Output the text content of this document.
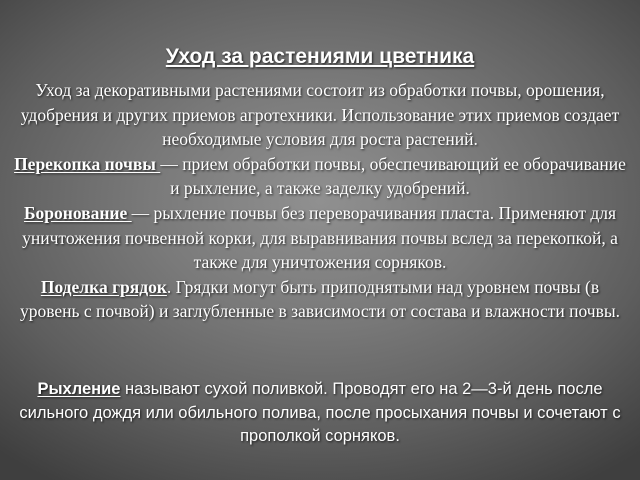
Уход за растениями цветника

Уход за декоративными растениями состоит из обработки почвы, орошения, удобрения и других приемов агротехники. Использование этих приемов создает необходимые условия для роста растений.

Перекопка почвы — прием обработки почвы, обеспечивающий ее оборачивание и рыхление, а также заделку удобрений.

Боронование — рыхление почвы без переворачивания пласта. Применяют для уничтожения почвенной корки, для выравнивания почвы вслед за перекопкой, а также для уничтожения сорняков.

Поделка грядок. Грядки могут быть приподнятыми над уровнем почвы (в уровень с почвой) и заглубленные в зависимости от состава и влажности почвы.

Рыхление называют сухой поливкой. Проводят его на 2—3-й день после сильного дождя или обильного полива, после просыхания почвы и сочетают с прополкой сорняков.
